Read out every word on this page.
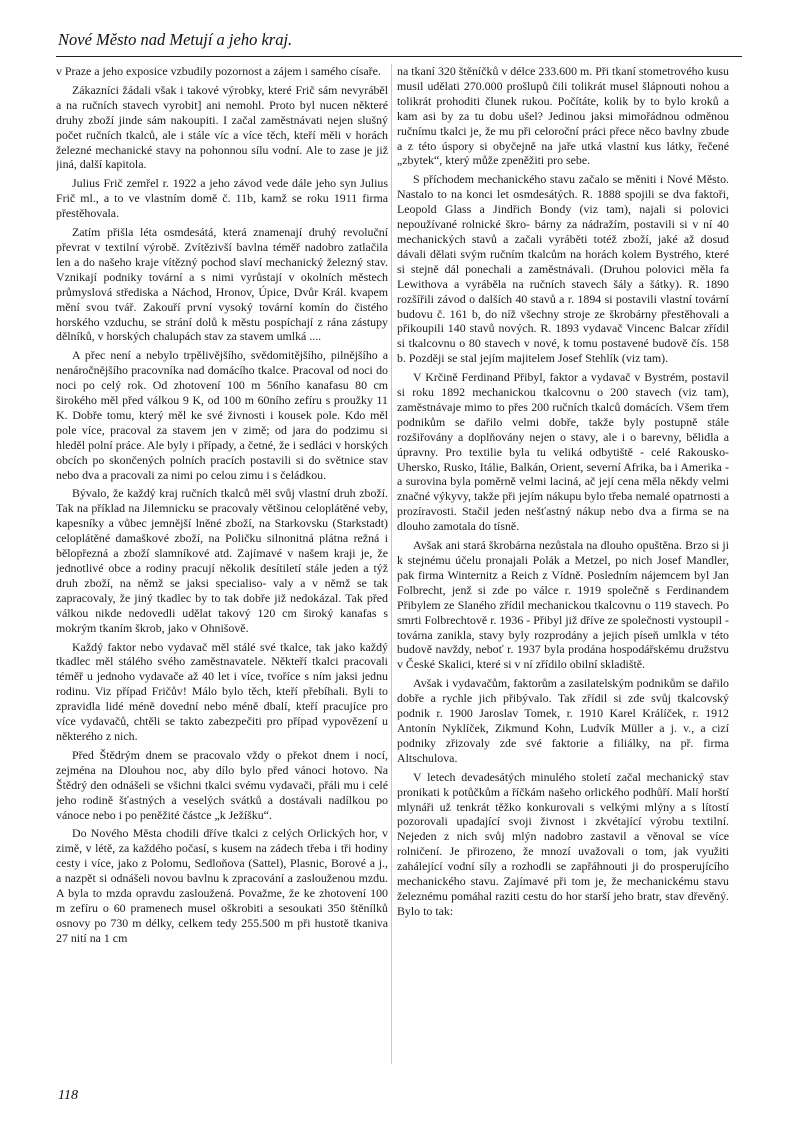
Nové Město nad Metují a jeho kraj.

v Praze a jeho exposice vzbudily pozornost a zájem i samého císaře.

Zákazníci žádali však i takové výrobky, které Frič sám nevyráběl a na ručních stavech vyrobit] ani nemohl. Proto byl nucen některé druhy zboží jinde sám nakoupiti. I začal zaměstnávati nejen slušný počet ručních tkalců, ale i stále víc a více těch, kteří měli v horách železné mechanické stavy na pohonnou sílu vodní. Ale to zase je již jiná, další kapitola.

Julius Frič zemřel r. 1922 a jeho závod vede dále jeho syn Julius Frič ml., a to ve vlastním domě č. 11b, kamž se roku 1911 firma přestěhovala.

Zatím přišla léta osmdesátá, která znamenají druhý revoluční převrat v textilní výrobě. Zvítězivší bavlna téměř nadobro zatlačila len a do našeho kraje vítězný pochod slaví mechanický železný stav. Vznikají podniky tovární a s nimi vyrůstají v okolních městech průmyslová střediska a Náchod, Hronov, Úpice, Dvůr Král. kvapem mění svou tvář. Zakouří první vysoký tovární komín do čistého horského vzduchu, se strání dolů k městu pospíchají z rána zástupy dělníků, v horských chalupách stav za stavem umlká ....

A přec není a nebylo trpělivějšího, svědomitějšího, pilnějšího a nenáročnějšího pracovníka nad domácího tkalce. Pracoval od noci do noci po celý rok. Od zhotovení 100 m 56ního kanafasu 80 cm širokého měl před válkou 9 K, od 100 m 60ního zefíru s proužky 11 K. Dobře tomu, který měl ke své živnosti i kousek pole. Kdo měl pole více, pracoval za stavem jen v zimě; od jara do podzimu si hleděl polní práce. Ale byly i případy, a četné, že i sedláci v horských obcích po skončených polních pracích postavili si do světnice stav nebo dva a pracovali za nimi po celou zimu i s čeládkou.

Bývalo, že každý kraj ručních tkalců měl svůj vlastní druh zboží. Tak na příklad na Jilemnicku se pracovaly většinou celoplátěné veby, kapesníky a vůbec jemnější lněné zboží, na Starkovsku (Starkstadt) celoplátěné damaškové zboží, na Poličku silnonitná plátna režná i bělopřezná a zboží slamníkové atd. Zajímavé v našem kraji je, že jednotlivé obce a rodiny pracují několik desítiletí stále jeden a týž druh zboží, na němž se jaksi specialiso- valy a v němž se tak zapracovaly, že jiný tkadlec by to tak dobře již nedokázal. Tak před válkou nikde nedovedli udělat takový 120 cm široký kanafas s mokrým tkaním škrob, jako v Ohnišově.

Každý faktor nebo vydavač měl stálé své tkalce, tak jako každý tkadlec měl stálého svého zaměstnavatele. Někteří tkalci pracovali téměř u jednoho vydavače až 40 let i více, tvoříce s ním jaksi jednu rodinu. Viz případ Fričův! Málo bylo těch, kteří přebíhali. Byli to zpravidla lidé méně dovední nebo méně dbalí, kteří pracujíce pro více vydavačů, chtěli se takto zabezpečiti pro případ vypovězení u některého z nich.

Před Štědrým dnem se pracovalo vždy o překot dnem i nocí, zejména na Dlouhou noc, aby dílo bylo před vánoci hotovo. Na Štědrý den odnášeli se všichni tkalci svému vydavači, přáli mu i celé jeho rodině šťastných a veselých svátků a dostávali nadílkou po vánoce nebo i po peněžité částce „k Ježíšku“.

Do Nového Města chodili dříve tkalci z celých Orlických hor, v zimě, v létě, za každého počasí, s kusem na zádech třeba i tři hodiny cesty i více, jako z Polomu, Sedloňova (Sattel), Plasnic, Borové a j., a nazpět si odnášeli novou bavlnu k zpracování a zaslouženou mzdu. A byla to mzda opravdu zasloužená. Považme, že ke zhotovení 100 m zefíru o 60 pramenech musel oškrobiti a sesoukati 350 štěnílků osnovy po 730 m délky, celkem tedy 255.500 m při hustotě tkaniva 27 nití na 1 cm

na tkaní 320 štěníčků v délce 233.600 m. Při tkaní stometrového kusu musil udělati 270.000 prošlupů čili tolikrát musel šlápnouti nohou a tolikrát prohoditi člunek rukou. Počítáte, kolik by to bylo kroků a kam asi by za tu dobu ušel? Jedinou jaksi mimořádnou odměnou ručnímu tkalci je, že mu při celoroční práci přece něco bavlny zbude a z této úspory si obyčejně na jaře utká vlastní kus látky, řečené „zbytek“, který může zpeněžiti pro sebe.

S příchodem mechanického stavu začalo se měniti i Nové Město. Nastalo to na konci let osmdesátých. R. 1888 spojili se dva faktoři, Leopold Glass a Jindřich Bondy (viz tam), najali si polovici nepoužívané rolnické škro- bárny za nádražím, postavili si v ní 40 mechanických stavů a začali vyráběti totéž zboží, jaké až dosud dávali dělati svým ručním tkalcům na horách kolem Bystrého, které si stejně dál ponechali a zaměstnávali. (Druhou polovici měla fa Lewithova a vyráběla na ručních stavech šály a šátky). R. 1890 rozšířili závod o dalších 40 stavů a r. 1894 si postavili vlastní tovární budovu č. 161 b, do níž všechny stroje ze škrobárny přestěhovali a přikoupili 140 stavů nových. R. 1893 vydavač Vincenc Balcar zřídil si tkalcovnu o 80 stavech v nové, k tomu postavené budově čís. 158 b. Později se stal jejím majitelem Josef Stehlík (viz tam).

V Krčině Ferdinand Přibyl, faktor a vydavač v Bystrém, postavil si roku 1892 mechanickou tkalcovnu o 200 stavech (viz tam), zaměstnávaje mimo to přes 200 ručních tkalců domácích. Všem třem podnikům se dařilo velmi dobře, takže byly postupně stále rozšiřovány a doplňovány nejen o stavy, ale i o barevny, bělidla a úpravny. Pro textilie byla tu veliká odbytiště - celé Rakousko-Uhersko, Rusko, Itálie, Balkán, Orient, severní Afrika, ba i Amerika - a surovina byla poměrně velmi laciná, ač její cena měla někdy velmi značné výkyvy, takže při jejím nákupu bylo třeba nemalé opatrnosti a prozíravosti. Stačil jeden nešťastný nákup nebo dva a firma se na dlouho zamotala do tísně.

Avšak ani stará škrobárna nezůstala na dlouho opuštěna. Brzo si ji k stejnému účelu pronajali Polák a Metzel, po nich Josef Mandler, pak firma Winternitz a Reich z Vídně. Posledním nájemcem byl Jan Folbrecht, jenž si zde po válce r. 1919 společně s Ferdinandem Přibylem ze Slaného zřídil mechanickou tkalcovnu o 119 stavech. Po smrti Folbrechtově r. 1936 - Přibyl již dříve ze společnosti vystoupil - továrna zanikla, stavy byly rozprodány a jejich píseň umlkla v této budově navždy, neboť r. 1937 byla prodána hospodářskému družstvu v České Skalici, které si v ní zřídilo obilní skladiště.

Avšak i vydavačům, faktorům a zasilatelským podnikům se dařilo dobře a rychle jich přibývalo. Tak zřídil si zde svůj tkalcovský podnik r. 1900 Jaroslav Tomek, r. 1910 Karel Králíček, r. 1912 Antonín Nyklíček, Zikmund Kohn, Ludvík Müller a j. v., a cizí podniky zřizovaly zde své faktorie a filiálky, na př. firma Altschulova.

V letech devadesátých minulého století začal mechanický stav pronikati k potůčkům a říčkám našeho orlického podhůří. Malí horští mlynáři už tenkrát těžko konkurovali s velkými mlýny a s lítostí pozorovali upadající svoji živnost i zkvétající výrobu textilní. Nejeden z nich svůj mlýn nadobro zastavil a věnoval se více rolničení. Je přirozeno, že mnozí uvažovali o tom, jak využiti zahálející vodní síly a rozhodli se zapřáhnouti ji do prosperujícího mechanického stavu. Zajímavé při tom je, že mechanickému stavu železnému pomáhal raziti cestu do hor starší jeho bratr, stav dřevěný. Bylo to tak:

118
